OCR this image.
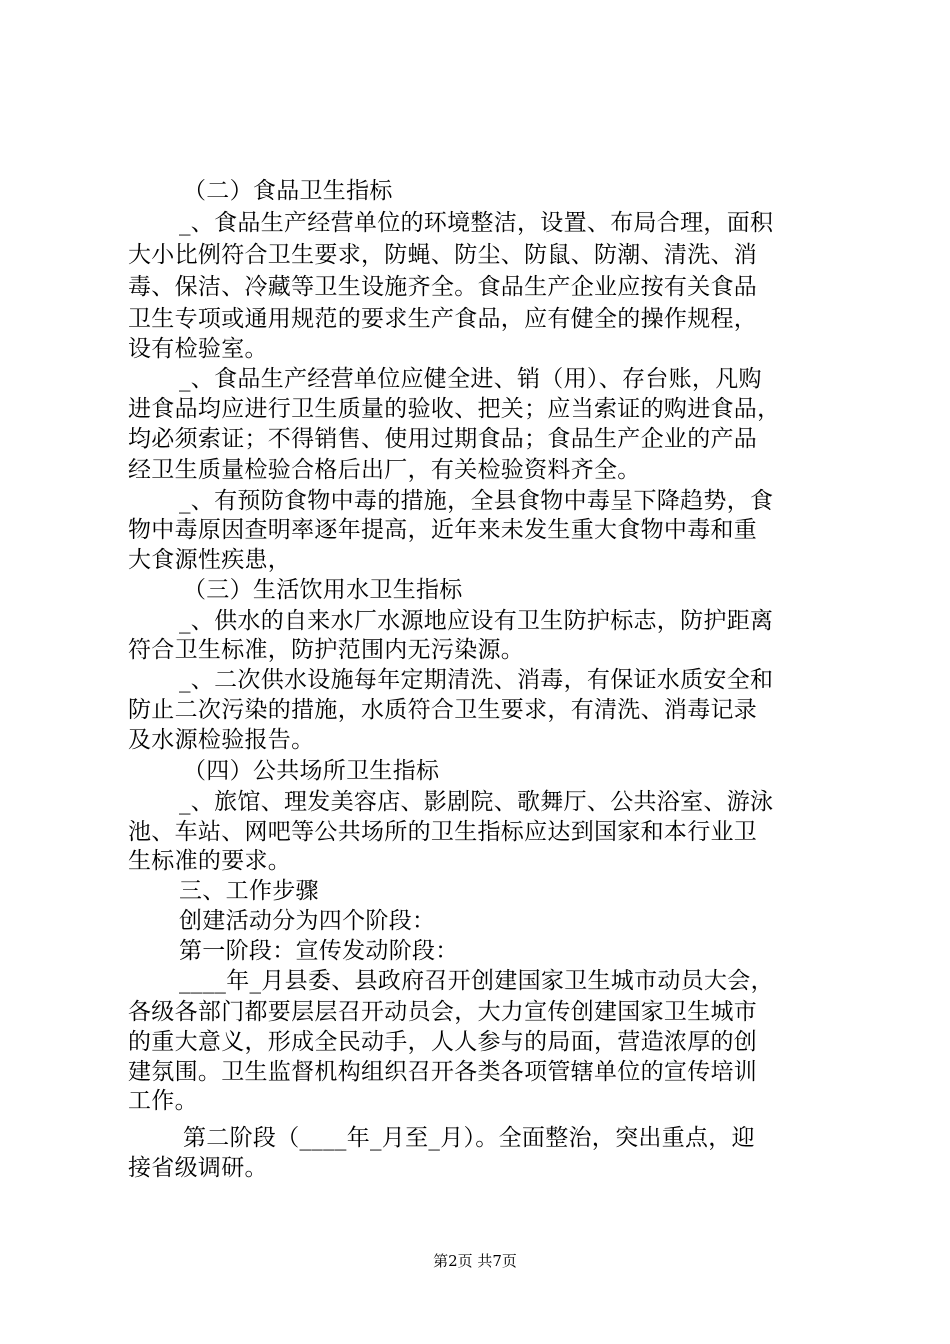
（二）食品卫生指标
_、食品生产经营单位的环境整洁，设置、布局合理，面积
大小比例符合卫生要求，防蝇、防尘、防鼠、防潮、清洗、消
毒、保洁、冷藏等卫生设施齐全。食品生产企业应按有关食品
卫生专项或通用规范的要求生产食品，应有健全的操作规程，
设有检验室。
_、食品生产经营单位应健全进、销（用）、存台账，凡购
进食品均应进行卫生质量的验收、把关；应当索证的购进食品，
均必须索证；不得销售、使用过期食品；食品生产企业的产品
经卫生质量检验合格后出厂，有关检验资料齐全。
_、有预防食物中毒的措施，全县食物中毒呈下降趋势，食
物中毒原因查明率逐年提高，近年来未发生重大食物中毒和重
大食源性疾患，
（三）生活饮用水卫生指标
_、供水的自来水厂水源地应设有卫生防护标志，防护距离
符合卫生标准，防护范围内无污染源。
_、二次供水设施每年定期清洗、消毒，有保证水质安全和
防止二次污染的措施，水质符合卫生要求，有清洗、消毒记录
及水源检验报告。
（四）公共场所卫生指标
_、旅馆、理发美容店、影剧院、歌舞厅、公共浴室、游泳
池、车站、网吧等公共场所的卫生指标应达到国家和本行业卫
生标准的要求。
三、工作步骤
创建活动分为四个阶段：
第一阶段：宣传发动阶段：
____年_月县委、县政府召开创建国家卫生城市动员大会，
各级各部门都要层层召开动员会，大力宣传创建国家卫生城市
的重大意义，形成全民动手，人人参与的局面，营造浓厚的创
建氛围。卫生监督机构组织召开各类各项管辖单位的宣传培训
工作。
第二阶段（____年_月至_月）。全面整治，突出重点，迎
接省级调研。
第2页 共7页
